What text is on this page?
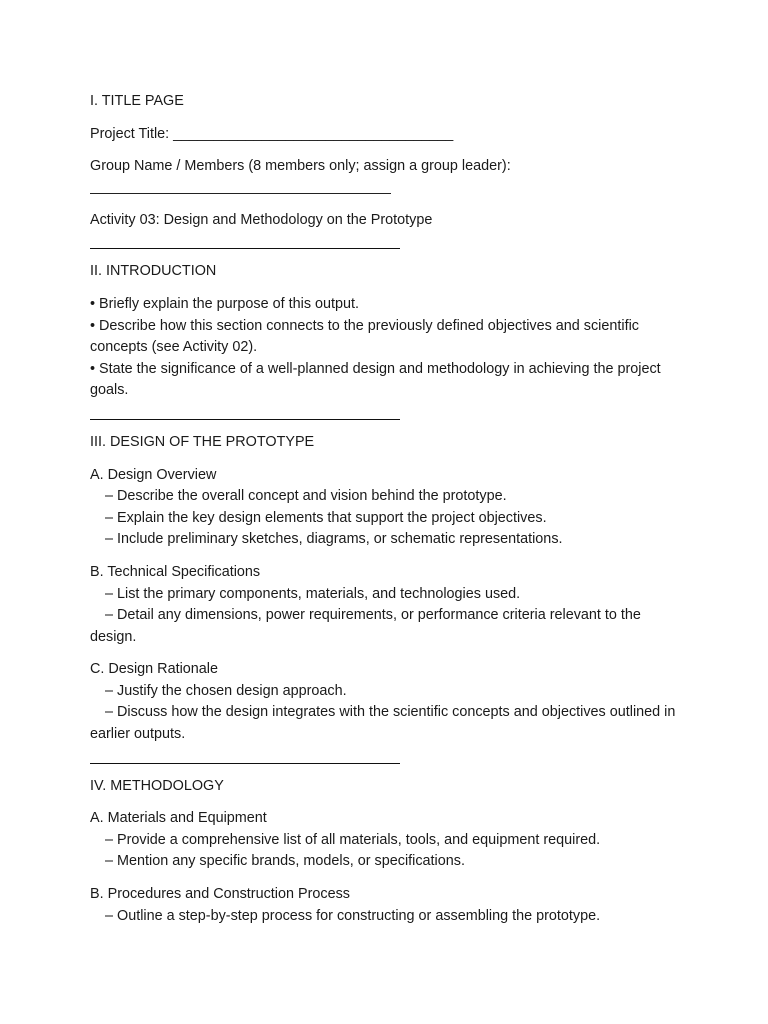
I. TITLE PAGE

Project Title: ___________________________________

Group Name / Members (8 members only; assign a group leader):

Activity 03: Design and Methodology on the Prototype

II. INTRODUCTION

• Briefly explain the purpose of this output.

• Describe how this section connects to the previously defined objectives and scientific concepts (see Activity 02).

• State the significance of a well-planned design and methodology in achieving the project goals.

III. DESIGN OF THE PROTOTYPE

A. Design Overview

– Describe the overall concept and vision behind the prototype.

– Explain the key design elements that support the project objectives.

– Include preliminary sketches, diagrams, or schematic representations.

B. Technical Specifications

– List the primary components, materials, and technologies used.

– Detail any dimensions, power requirements, or performance criteria relevant to the design.

C. Design Rationale

– Justify the chosen design approach.

– Discuss how the design integrates with the scientific concepts and objectives outlined in earlier outputs.

IV. METHODOLOGY

A. Materials and Equipment

– Provide a comprehensive list of all materials, tools, and equipment required.

– Mention any specific brands, models, or specifications.

B. Procedures and Construction Process

– Outline a step-by-step process for constructing or assembling the prototype.
